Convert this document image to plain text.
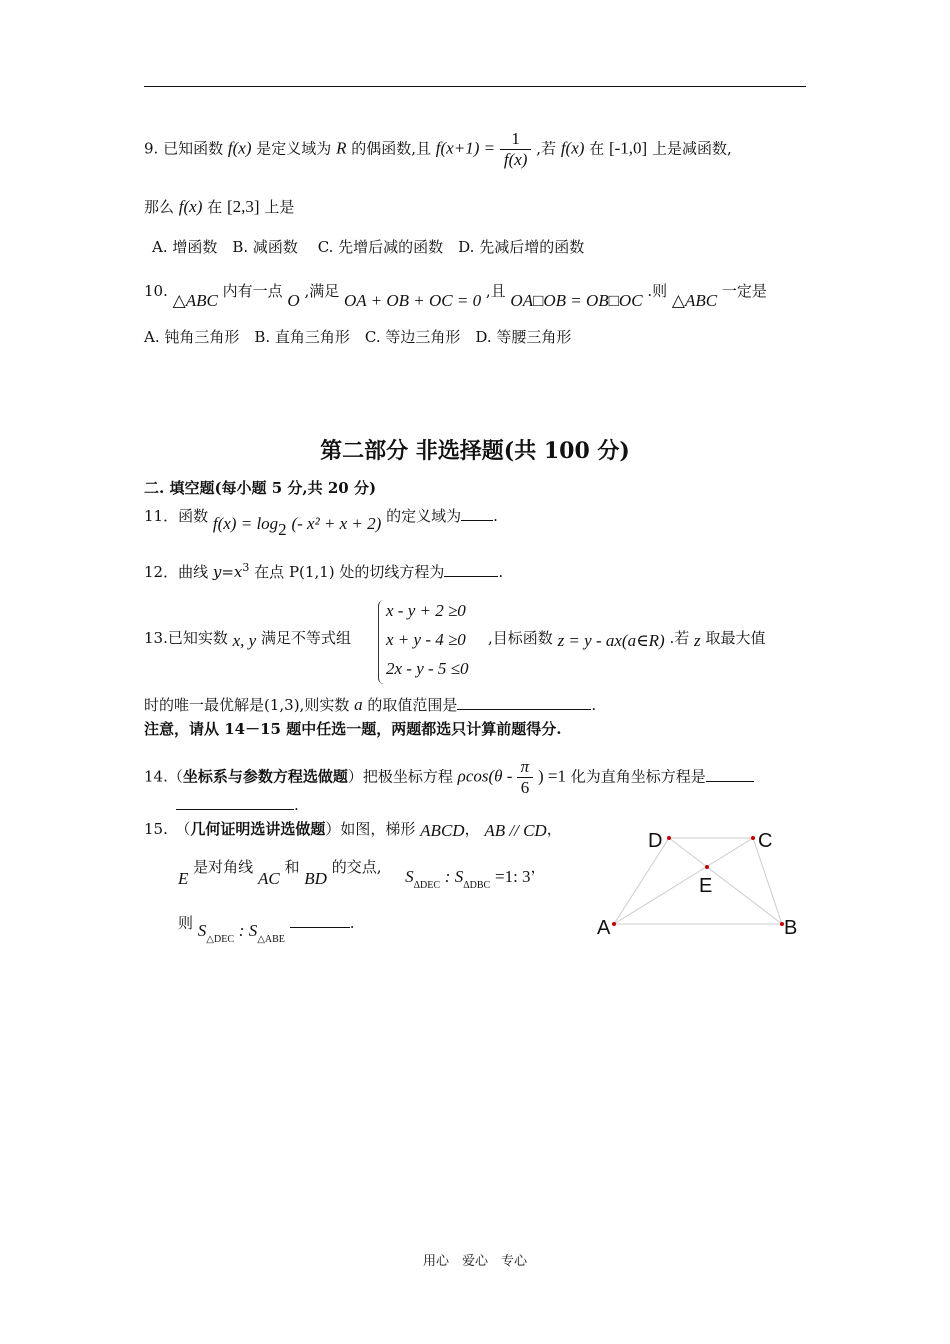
9. 已知函数 f(x) 是定义域为 R 的偶函数,且 $f(x+1) = \frac{1}{f(x)}$ ,若 f(x) 在 [-1,0] 上是减函数,
那么 f(x) 在 [2,3] 上是
A. 增函数　B. 减函数　 C. 先增后减的函数　D. 先减后增的函数
10. △ABC 内有一点 O ,满足 OA + OB + OC = 0 ,且 OA□OB = OB□OC .则 △ABC 一定是
A. 钝角三角形　B. 直角三角形　C. 等边三角形　D. 等腰三角形
第二部分 非选择题(共 100 分)
二. 填空题(每小题 5 分,共 20 分)
11．函数 $f(x) = \log_2$ (- x² + x + 2) 的定义域为 .
12．曲线 $y=x^3$ 在点 P(1,1) 处的切线方程为	.
13.已知实数 x, y 满足不等式组
x - y + 2 ≥0
x + y - 4 ≥0
2x - y - 5 ≤0
,目标函数 z = y - ax(a∈R) .若 z 取最大值
时的唯一最优解是(1,3),则实数 a 的取值范围是	.
注意，请从 14－15 题中任选一题，两题都选只计算前题得分.
14.（坐标系与参数方程选做题）把极坐标方程 $\rho\cos(\theta - \frac{\pi}{6}$ ) =1 化为直角坐标方程是
.
15.　（几何证明选讲选做题）如图，梯形 ABCD， AB // CD，
E 是对角线 AC 和 BD 的交点, $S_{\Delta DEC}$ : $S_{\Delta DBC} =1$: 3，
则 $S_{\triangle DEC}$ : $S_{\triangle ABE}$ .	A	B
C
D
E
用心　爱心　专心
